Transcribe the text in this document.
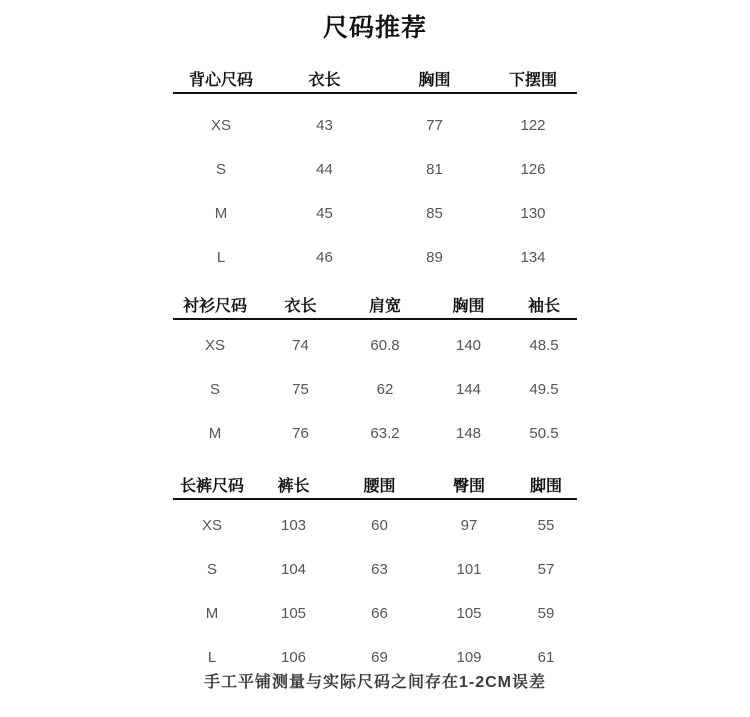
尺码推荐
背心尺码	衣长	胸围	下摆围
XS	43	77	122
S	44	81	126
M	45	85	130
L	46	89	134
衬衫尺码	衣长	肩宽	胸围	袖长
XS	74	60.8	140	48.5
S	75	62	144	49.5
M	76	63.2	148	50.5
长裤尺码	裤长	腰围	臀围	脚围
XS	103	60	97	55
S	104	63	101	57
M	105	66	105	59
L	106	69	109	61
手工平铺测量与实际尺码之间存在1-2CM误差
